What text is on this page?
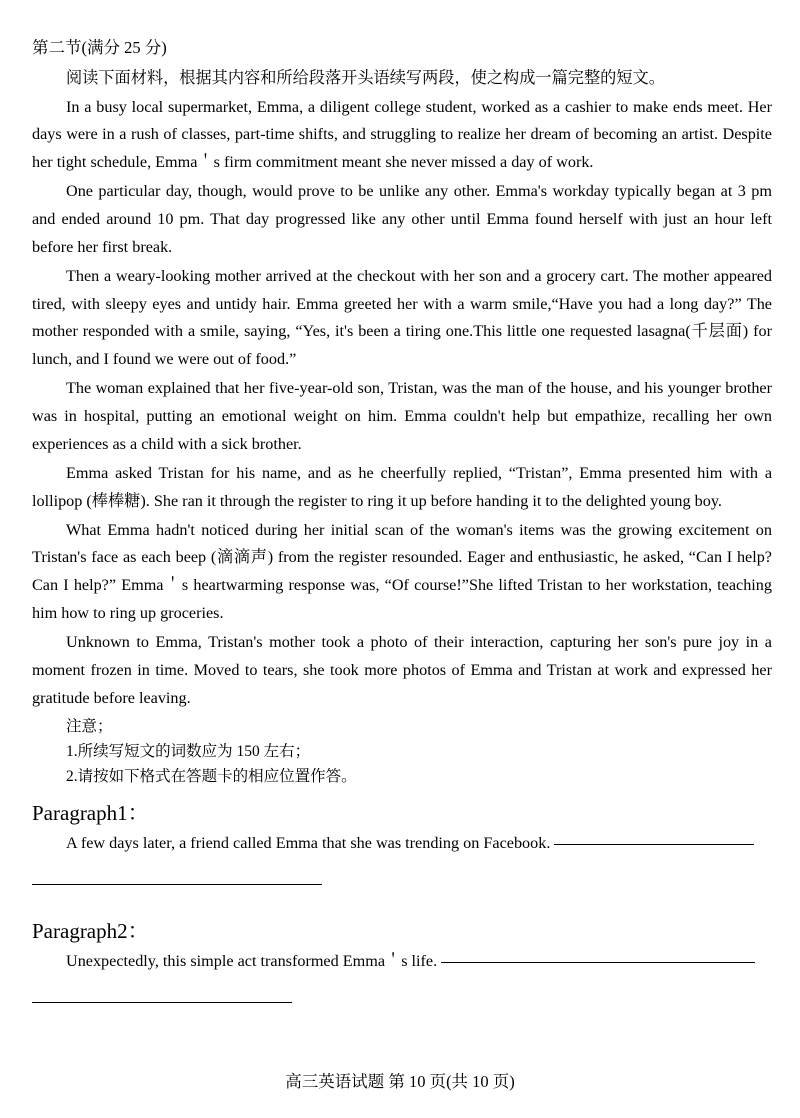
第二节(满分 25 分)

阅读下面材料，根据其内容和所给段落开头语续写两段，使之构成一篇完整的短文。

In a busy local supermarket, Emma, a diligent college student, worked as a cashier to make ends meet. Her days were in a rush of classes, part-time shifts, and struggling to realize her dream of becoming an artist. Despite her tight schedule, Emma＇s firm commitment meant she never missed a day of work.

One particular day, though, would prove to be unlike any other. Emma's workday typically began at 3 pm and ended around 10 pm. That day progressed like any other until Emma found herself with just an hour left before her first break.

Then a weary-looking mother arrived at the checkout with her son and a grocery cart. The mother appeared tired, with sleepy eyes and untidy hair. Emma greeted her with a warm smile,“Have you had a long day?” The mother responded with a smile, saying, “Yes, it's been a tiring one.This little one requested lasagna(千层面) for lunch, and I found we were out of food.”

The woman explained that her five-year-old son, Tristan, was the man of the house, and his younger brother was in hospital, putting an emotional weight on him. Emma couldn't help but empathize, recalling her own experiences as a child with a sick brother.

Emma asked Tristan for his name, and as he cheerfully replied, “Tristan”, Emma presented him with a lollipop (棒棒糖). She ran it through the register to ring it up before handing it to the delighted young boy.

What Emma hadn't noticed during her initial scan of the woman's items was the growing excitement on Tristan's face as each beep (滴滴声) from the register resounded. Eager and enthusiastic, he asked, “Can I help? Can I help?” Emma＇s heartwarming response was, “Of course!”She lifted Tristan to her workstation, teaching him how to ring up groceries.

Unknown to Emma, Tristan's mother took a photo of their interaction, capturing her son's pure joy in a moment frozen in time. Moved to tears, she took more photos of Emma and Tristan at work and expressed her gratitude before leaving.

注意；

1.所续写短文的词数应为 150 左右；

2.请按如下格式在答题卡的相应位置作答。

Paragraph1：
A few days later, a friend called Emma that she was trending on Facebook.
Paragraph2：
Unexpectedly, this simple act transformed Emma＇s life.
高三英语试题 第 10 页(共 10 页)
